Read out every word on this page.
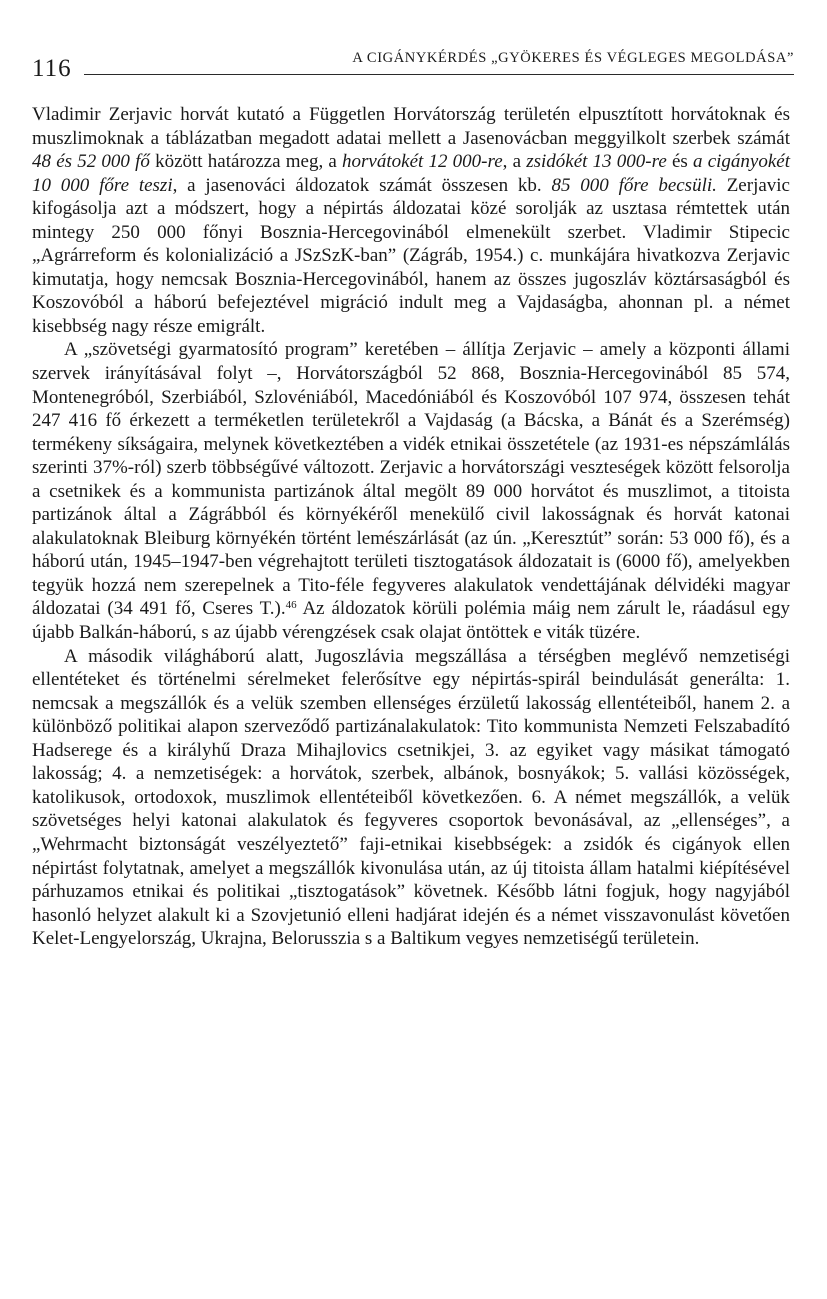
116	A CIGÁNYKÉRDÉS „GYÖKERES ÉS VÉGLEGES MEGOLDÁSA”

Vladimir Zerjavic horvát kutató a Független Horvátország területén elpusztított horvátoknak és muszlimoknak a táblázatban megadott adatai mellett a Jasenovácban meggyilkolt szerbek számát 48 és 52 000 fő között határozza meg, a horvátokét 12 000-re, a zsidókét 13 000-re és a cigányokét 10 000 főre teszi, a jasenováci áldozatok számát összesen kb. 85 000 főre becsüli. Zerjavic kifogásolja azt a módszert, hogy a népirtás áldozatai közé sorolják az usztasa rémtettek után mintegy 250 000 főnyi Bosznia-Hercegovinából elmenekült szerbet. Vladimir Stipecic „Agrárreform és kolonializáció a JSzSzK-ban” (Zágráb, 1954.) c. munkájára hivatkozva Zerjavic kimutatja, hogy nemcsak Bosznia-Hercegovinából, hanem az összes jugoszláv köztársaságból és Koszovóból a háború befejeztével migráció indult meg a Vajdaságba, ahonnan pl. a német kisebbség nagy része emigrált.

A „szövetségi gyarmatosító program” keretében – állítja Zerjavic – amely a központi állami szervek irányításával folyt –, Horvátországból 52 868, Bosznia-Hercegovinából 85 574, Montenegróból, Szerbiából, Szlovéniából, Macedóniából és Koszovóból 107 974, összesen tehát 247 416 fő érkezett a terméketlen területekről a Vajdaság (a Bácska, a Bánát és a Szerémség) termékeny síkságaira, melynek következtében a vidék etnikai összetétele (az 1931-es népszámlálás szerinti 37%-ról) szerb többségűvé változott. Zerjavic a horvátországi veszteségek között felsorolja a csetnikek és a kommunista partizánok által megölt 89 000 horvátot és muszlimot, a titoista partizánok által a Zágrábból és környékéről menekülő civil lakosságnak és horvát katonai alakulatoknak Bleiburg környékén történt lemészárlását (az ún. „Keresztút” során: 53 000 fő), és a háború után, 1945–1947-ben végrehajtott területi tisztogatások áldozatait is (6000 fő), amelyekben tegyük hozzá nem szerepelnek a Tito-féle fegyveres alakulatok vendettájának délvidéki magyar áldozatai (34 491 fő, Cseres T.).$^{46}$ Az áldozatok körüli polémia máig nem zárult le, ráadásul egy újabb Balkán-háború, s az újabb vérengzések csak olajat öntöttek e viták tüzére.

A második világháború alatt, Jugoszlávia megszállása a térségben meglévő nemzetiségi ellentéteket és történelmi sérelmeket felerősítve egy népirtás-spirál beindulását generálta: 1. nemcsak a megszállók és a velük szemben ellenséges érzületű lakosság ellentéteiből, hanem 2. a különböző politikai alapon szerveződő partizánalakulatok: Tito kommunista Nemzeti Felszabadító Hadserege és a királyhű Draza Mihajlovics csetnikjei, 3. az egyiket vagy másikat támogató lakosság; 4. a nemzetiségek: a horvátok, szerbek, albánok, bosnyákok; 5. vallási közösségek, katolikusok, ortodoxok, muszlimok ellentéteiből következően. 6. A német megszállók, a velük szövetséges helyi katonai alakulatok és fegyveres csoportok bevonásával, az „ellenséges”, a „Wehrmacht biztonságát veszélyeztető” faji-etnikai kisebbségek: a zsidók és cigányok ellen népirtást folytatnak, amelyet a megszállók kivonulása után, az új titoista állam hatalmi kiépítésével párhuzamos etnikai és politikai „tisztogatások” követnek. Később látni fogjuk, hogy nagyjából hasonló helyzet alakult ki a Szovjetunió elleni hadjárat idején és a német visszavonulást követően Kelet-Lengyelország, Ukrajna, Belorusszia s a Baltikum vegyes nemzetiségű területein.
